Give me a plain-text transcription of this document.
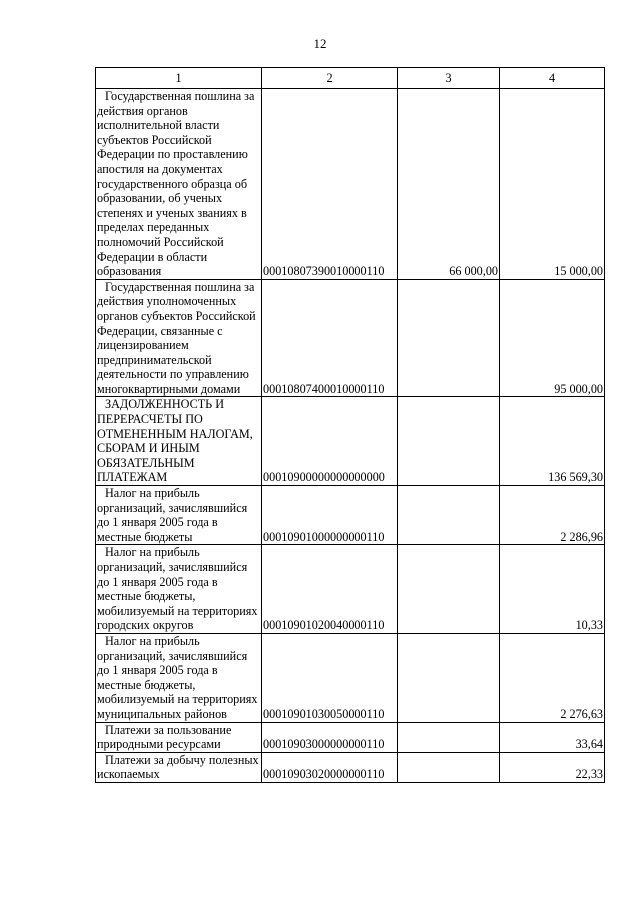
12
1	2	3	4

Государственная пошлина за действия органов исполнительной власти субъектов Российской Федерации по проставлению апостиля на документах государственного образца об образовании, об ученых степенях и ученых званиях в пределах переданных полномочий Российской Федерации в области образования	00010807390010000110	66 000,00	15 000,00

Государственная пошлина за действия уполномоченных органов субъектов Российской Федерации, связанные с лицензированием предпринимательской деятельности по управлению многоквартирными домами	00010807400010000110		95 000,00

ЗАДОЛЖЕННОСТЬ И ПЕРЕРАСЧЕТЫ ПО ОТМЕНЕННЫМ НАЛОГАМ, СБОРАМ И ИНЫМ ОБЯЗАТЕЛЬНЫМ ПЛАТЕЖАМ	00010900000000000000		136 569,30

Налог на прибыль организаций, зачислявшийся до 1 января 2005 года в местные бюджеты	00010901000000000110		2 286,96

Налог на прибыль организаций, зачислявшийся до 1 января 2005 года в местные бюджеты, мобилизуемый на территориях городских округов	00010901020040000110		10,33

Налог на прибыль организаций, зачислявшийся до 1 января 2005 года в местные бюджеты, мобилизуемый на территориях муниципальных районов	00010901030050000110		2 276,63

Платежи за пользование природными ресурсами	00010903000000000110		33,64

Платежи за добычу полезных ископаемых	00010903020000000110		22,33
